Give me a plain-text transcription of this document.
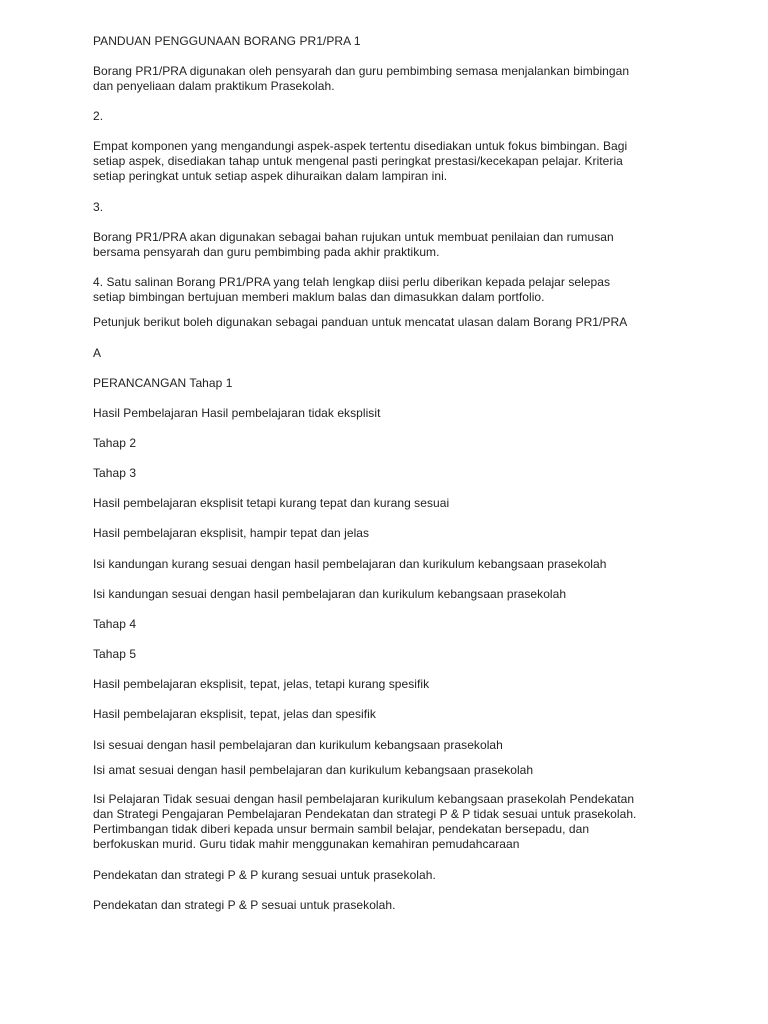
PANDUAN PENGGUNAAN BORANG PR1/PRA 1
Borang PR1/PRA digunakan oleh pensyarah dan guru pembimbing semasa menjalankan bimbingan
dan penyeliaan dalam praktikum Prasekolah.
2.
Empat komponen yang mengandungi aspek-aspek tertentu disediakan untuk fokus bimbingan. Bagi
setiap aspek, disediakan tahap untuk mengenal pasti peringkat prestasi/kecekapan pelajar. Kriteria
setiap peringkat untuk setiap aspek dihuraikan dalam lampiran ini.
3.
Borang PR1/PRA akan digunakan sebagai bahan rujukan untuk membuat penilaian dan rumusan
bersama pensyarah dan guru pembimbing pada akhir praktikum.
4. Satu salinan Borang PR1/PRA yang telah lengkap diisi perlu diberikan kepada pelajar selepas
setiap bimbingan bertujuan memberi maklum balas dan dimasukkan dalam portfolio.
Petunjuk berikut boleh digunakan sebagai panduan untuk mencatat ulasan dalam Borang PR1/PRA
A
PERANCANGAN Tahap 1
Hasil Pembelajaran Hasil pembelajaran tidak eksplisit
Tahap 2
Tahap 3
Hasil pembelajaran eksplisit tetapi kurang tepat dan kurang sesuai
Hasil pembelajaran eksplisit, hampir tepat dan jelas
Isi kandungan kurang sesuai dengan hasil pembelajaran dan kurikulum kebangsaan prasekolah
Isi kandungan sesuai dengan hasil pembelajaran dan kurikulum kebangsaan prasekolah
Tahap 4
Tahap 5
Hasil pembelajaran eksplisit, tepat, jelas, tetapi kurang spesifik
Hasil pembelajaran eksplisit, tepat, jelas dan spesifik
Isi sesuai dengan hasil pembelajaran dan kurikulum kebangsaan prasekolah
Isi amat sesuai dengan hasil pembelajaran dan kurikulum kebangsaan prasekolah
Isi Pelajaran Tidak sesuai dengan hasil pembelajaran kurikulum kebangsaan prasekolah Pendekatan
dan Strategi Pengajaran Pembelajaran Pendekatan dan strategi P & P tidak sesuai untuk prasekolah.
Pertimbangan tidak diberi kepada unsur bermain sambil belajar, pendekatan bersepadu, dan
berfokuskan murid. Guru tidak mahir menggunakan kemahiran pemudahcaraan
Pendekatan dan strategi P & P kurang sesuai untuk prasekolah.
Pendekatan dan strategi P & P sesuai untuk prasekolah.
